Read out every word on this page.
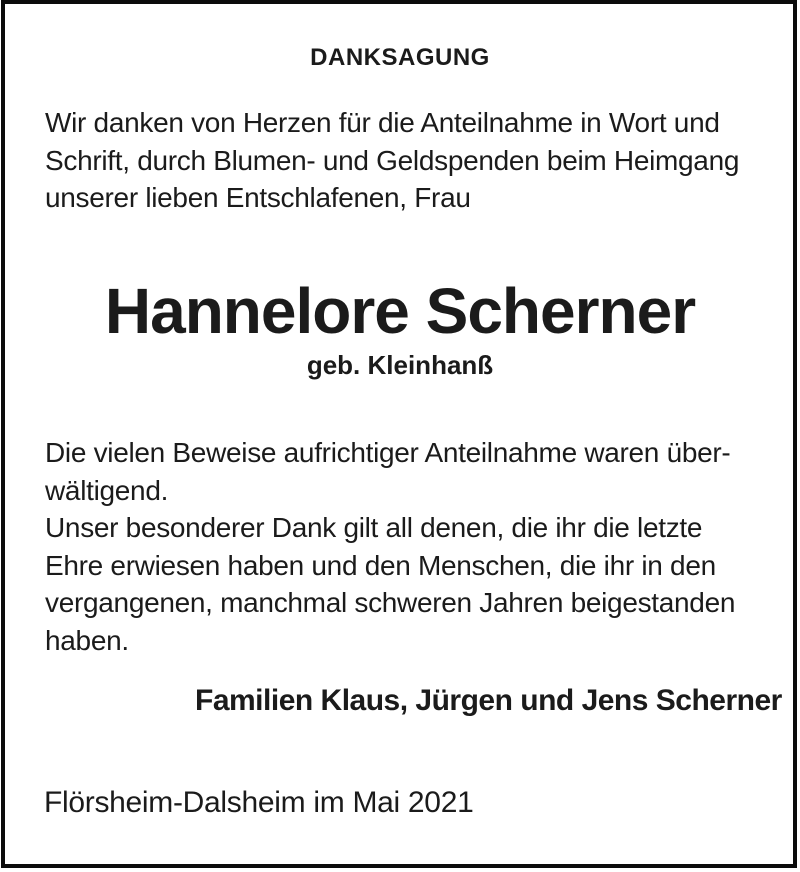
DANKSAGUNG
Wir danken von Herzen für die Anteilnahme in Wort und
Schrift, durch Blumen- und Geldspenden beim Heimgang
unserer lieben Entschlafenen, Frau
Hannelore Scherner
geb. Kleinhanß
Die vielen Beweise aufrichtiger Anteilnahme waren über-
wältigend.
Unser besonderer Dank gilt all denen, die ihr die letzte
Ehre erwiesen haben und den Menschen, die ihr in den
vergangenen, manchmal schweren Jahren beigestanden
haben.
Familien Klaus, Jürgen und Jens Scherner
Flörsheim-Dalsheim im Mai 2021
